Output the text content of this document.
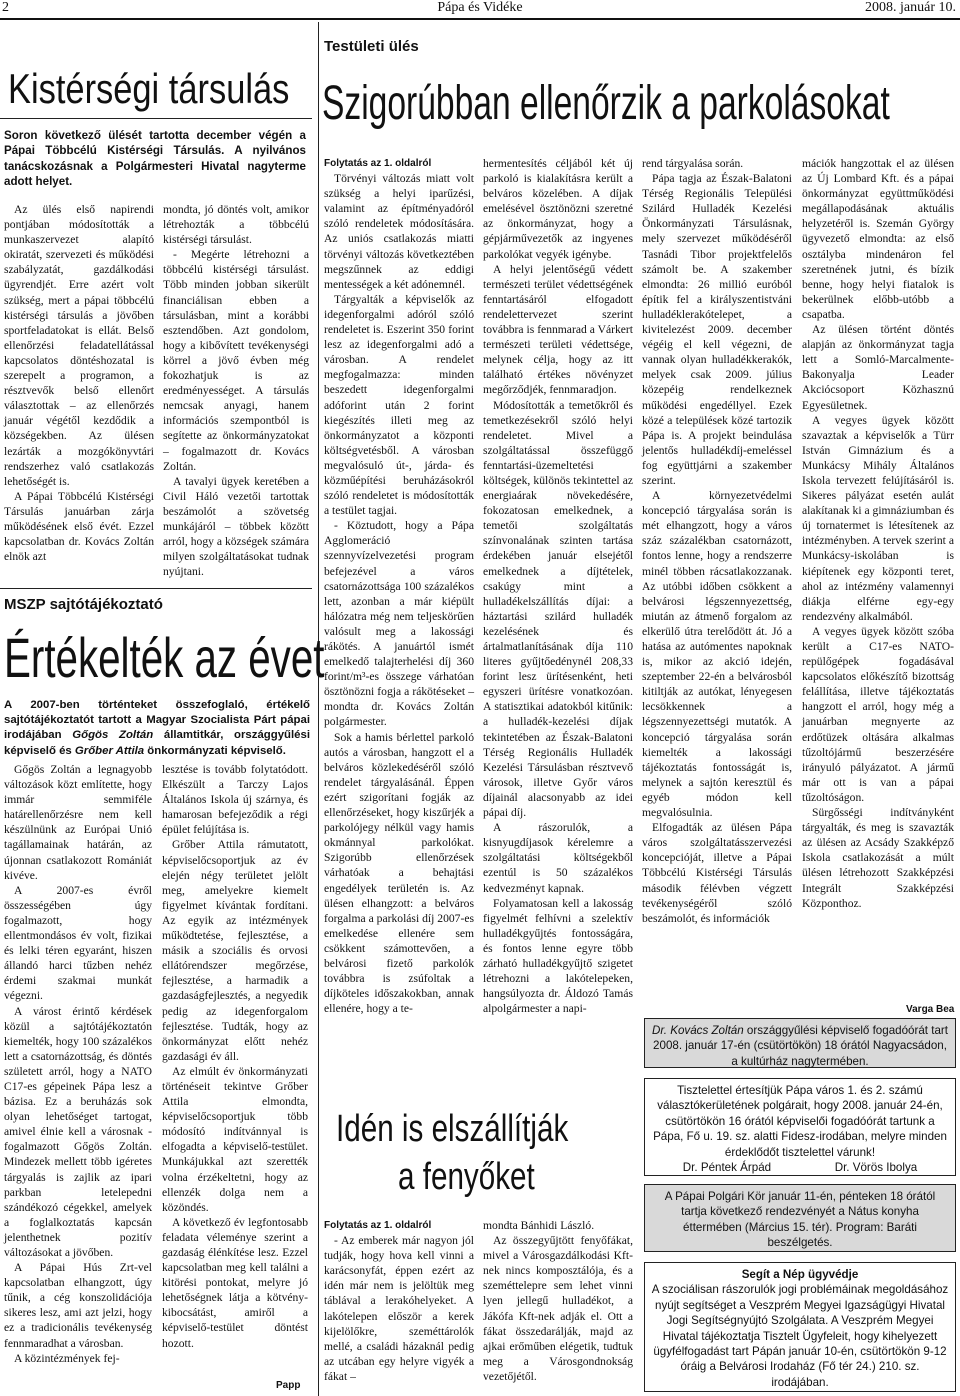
2	Pápa és Vidéke	2008. január 10.
Kistérségi társulás
Soron következő ülését tartotta december végén a Pápai Többcélú Kistérségi Társulás. A nyilvános tanácskozásnak a Polgármesteri Hivatal nagyterme adott helyet.

Az ülés első napirendi pontjában módosították a munkaszervezet alapító okiratát, szervezeti és működési szabályzatát, gazdálkodási ügyrendjét. Erre azért volt szükség, mert a pápai többcélú kistérségi társulás a jövőben sportfeladatokat is ellát. Belső ellenőrzési feladatellátással kapcsolatos döntéshozatal is szerepelt a programon, a résztvevők belső ellenőrt választottak – az ellenőrzés január végétől kezdődik a községekben. Az ülésen lezárták a mozgókönyvtári rendszerhez való csatlakozás lehetőségét is.

A Pápai Többcélú Kistérségi Társulás januárban zárja működésének első évét. Ezzel kapcsolatban dr. Kovács Zoltán elnök azt

mondta, jó döntés volt, amikor létrehozták a többcélú kistérségi társulást.

- Megérte létrehozni a többcélú kistérségi társulást. Több minden jobban sikerült financiálisan ebben a társulásban, mint a korábbi esztendőben. Azt gondolom, hogy a kibővített tevékenységi körrel a jövő évben még fokozhatjuk is az eredményességet. A társulás nemcsak anyagi, hanem információs szempontból is segítette az önkormányzatokat – fogalmazott dr. Kovács Zoltán.

A tavalyi ügyek keretében a Civil Háló vezetői tartottak beszámolót a szövetség munkájáról – többek között arról, hogy a községek számára milyen szolgáltatásokat tudnak nyújtani.

MSZP sajtótájékoztató
Értékelték az évet
A 2007-ben történteket összefoglaló, értékelő sajtótájékoztatót tartott a Magyar Szocialista Párt pápai irodájában Gőgös Zoltán államtitkár, országgyűlési képviselő és Grőber Attila önkormányzati képviselő.

Gőgös Zoltán a legnagyobb változások közt említette, hogy immár semmiféle határellenőrzésre nem kell készülnünk az Európai Unió tagállamainak határán, az újonnan csatlakozott Romániát kivéve.

A 2007-es évről összességében úgy fogalmazott, hogy ellentmondásos év volt, fizikai és lelki téren egyaránt, hiszen állandó harci tűzben nehéz érdemi szakmai munkát végezni.

A várost érintő kérdések közül a sajtótájékoztatón kiemelték, hogy 100 százalékos lett a csatornázottság, és döntés született arról, hogy a NATO C17-es gépeinek Pápa lesz a bázisa. Ez a beruházás sok olyan lehetőséget tartogat, amivel élnie kell a városnak - fogalmazott Gőgös Zoltán. Mindezek mellett több igéretes tárgyalás is zajlik az ipari parkban letelepedni szándékozó cégekkel, amelyek a foglalkoztatás kapcsán jelenthetnek pozitív változásokat a jövőben.

A Pápai Hús Zrt-vel kapcsolatban elhangzott, úgy tűnik, a cég konszolidációja sikeres lesz, ami azt jelzi, hogy ez a tradicionális tevékenység fennmaradhat a városban.

A közintézmények fej-

lesztése is tovább folytatódott. Elkészült a Tarczy Lajos Általános Iskola új szárnya, és hamarosan befejeződik a régi épület felújítása is.

Grőber Attila rámutatott, képviselőcsoportjuk az év elején négy területet jelölt meg, amelyekre kiemelt figyelmet kívántak fordítani. Az egyik az intézmények működtetése, fejlesztése, a másik a szociális és orvosi ellátórendszer megőrzése, fejlesztése, a harmadik a gazdaságfejlesztés, a negyedik pedig az idegenforgalom fejlesztése. Tudták, hogy az önkormányzat előtt nehéz gazdasági év áll.

Az elmúlt év önkormányzati történéseit tekintve Grőber Attila elmondta, képviselőcsoportjuk több módosító indítvánnyal is elfogadta a képviselő-testület. Munkájukkal azt szerették volna érzékeltetni, hogy az ellenzék dolga nem a közöndés.

A következő év legfontosabb feladata véleménye szerint a gazdaság élénkítése lesz. Ezzel kapcsolatban meg kell találni a kitörési pontokat, melyre jó lehetőségnek látja a kötvény-kibocsátást, amiről a képviselő-testület döntést hozott.

Papp
Testületi ülés
Szigorúbban ellenőrzik a parkolásokat

Folytatás az 1. oldalról

Törvényi változás miatt volt szükség a helyi iparűzési, valamint az építményadóról szóló rendeletek módosítására. Az uniós csatlakozás miatti törvényi változás következtében megszűnnek az eddigi mentességek a két adónemnél.

Tárgyalták a képviselők az idegenforgalmi adóról szóló rendeletet is. Eszerint 350 forint lesz az idegenforgalmi adó a városban. A rendelet megfogalmazza: minden beszedett idegenforgalmi adóforint után 2 forint kiegészítés illeti meg az önkormányzatot a központi költségvetésből. A városban megvalósuló út-, járda- és közműépítési beruházásokról szóló rendeletet is módosították a testület tagjai.

- Köztudott, hogy a Pápa Agglomeráció szennyvízelvezetési program befejezével a város csatornázottsága 100 százalékos lett, azonban a már kiépült hálózatra még nem teljeskörűen valósult meg a lakossági rákötés. A januártól ismét emelkedő talajterhelési díj 360 forint/m³-es összege várhatóan ösztönözni fogja a rákötéseket – mondta dr. Kovács Zoltán polgármester.

Sok a hamis bérlettel parkoló autós a városban, hangzott el a belváros közlekedéséről szóló rendelet tárgyalásánál. Éppen ezért szigorítani fogják az ellenőrzéseket, hogy kiszűrjék a parkolójegy nélkül vagy hamis okmánnyal parkolókat. Szigorúbb ellenőrzések várhatóak a behajtási engedélyek területén is. Az ülésen elhangzott: a belváros forgalma a parkolási díj 2007-es emelkedése ellenére sem csökkent számottevően, a belvárosi fizető parkolók továbbra is zsúfoltak a díjköteles időszakokban, annak ellenére, hogy a te-

hermentesítés céljából két új parkoló is kialakításra került a belváros közelében. A díjak emelésével ösztönözni szeretné az önkormányzat, hogy a gépjárművezetők az ingyenes parkolókat vegyék igénybe.

A helyi jelentőségű védett természeti terület védettségének fenntartásáról elfogadott rendelettervezet szerint továbbra is fennmarad a Várkert természeti területi védettsége, melynek célja, hogy az itt található értékes növényzet megőrződjék, fennmaradjon.

Módosították a temetőkről és temetkezésekről szóló helyi rendeletet. Mivel a szolgáltatással összefüggő fenntartási-üzemeltetési költségek, különös tekintettel az energiaárak növekedésére, fokozatosan emelkednek, a temetői szolgáltatás színvonalának szinten tartása érdekében január elsejétől emelkednek a díjtételek, csakúgy mint a hulladékelszállítás díjai: a háztartási szilárd hulladék kezelésének és ártalmatlanításának díja 110 literes gyűjtőedénynél 208,33 forint lesz ürítésenként, heti egyszeri ürítésre vonatkozóan. A statisztikai adatokból kitűnik: a hulladék-kezelési díjak tekintetében az Észak-Balatoni Térség Regionális Hulladék Kezelési Társulásban résztvevő városok, illetve Győr város díjainál alacsonyabb az idei pápai díj.

A rászorulók, a kisnyugdíjasok kérelemre a szolgáltatási költségekből ezentúl is 50 százalékos kedvezményt kapnak.

Folyamatosan kell a lakosság figyelmét felhívni a szelektív hulladékgyűjtés fontosságára, és fontos lenne egyre több zárható hulladékgyűjtő szigetet létrehozni a lakótelepeken, hangsúlyozta dr. Áldozó Tamás alpolgármester a napi-

rend tárgyalása során.

Pápa tagja az Észak-Balatoni Térség Regionális Települési Szilárd Hulladék Kezelési Önkormányzati Társulásnak, mely szervezet működéséről Tasnádi Tibor projektfelelős számolt be. A szakember elmondta: 26 millió euróból építik fel a királyszentistváni hulladéklerakótelepet, a kivitelezést 2009. december végéig el kell végezni, de vannak olyan hulladékkerakók, melyek csak 2009. július közepéig rendelkeznek működési engedéllyel. Ezek közé a települések közé tartozik Pápa is. A projekt beindulása jelentős hulladékdíj-emeléssel fog együttjárni a szakember szerint.

A környezetvédelmi koncepció tárgyalása során is mét elhangzott, hogy a város száz százalékban csatornázott, fontos lenne, hogy a rendszerre minél többen rácsatlakozzanak. Az utóbbi időben csökkent a belvárosi légszennyezettség, miután az átmenő forgalom az elkerülő útra terelődött át. Jó a hatása az autómentes napoknak is, mikor az akció idején, szeptember 22-én a belvárosból kitiltják az autókat, lényegesen lecsökkennek a légszennyezettségi mutatók. A koncepció tárgyalása során kiemelték a lakossági tájékoztatás fontosságát is, melynek a sajtón keresztül és egyéb módon kell megvalósulnia.

Elfogadták az ülésen Pápa város szolgáltatásszervezési koncepcióját, illetve a Pápai Többcélú Kistérségi Társulás második félévben végzett tevékenységéről szóló beszámolót, és információk

mációk hangzottak el az ülésen az Új Lombard Kft. és a pápai önkormányzat együttműködési megállapodásának aktuális helyzetéről is. Szemán György ügyvezető elmondta: az első osztályba mindenáron fel szeretnének jutni, és bízik benne, hogy helyi fiatalok is bekerülnek előbb-utóbb a csapatba.

Az ülésen történt döntés alapján az önkormányzat tagja lett a Somló-Marcalmente-Bakonyalja Leader Akciócsoport Közhasznú Egyesületnek.

A vegyes ügyek között szavaztak a képviselők a Türr István Gimnázium és a Munkácsy Mihály Általános Iskola tervezett felújításáról is. Sikeres pályázat esetén aulát alakítanak ki a gimnáziumban és új tornatermet is létesítenek az intézményben. A tervek szerint a Munkácsy-iskolában is kiépítenek egy központi teret, ahol az intézmény valamennyi diákja elférne egy-egy rendezvény alkalmából.

A vegyes ügyek között szóba került a C17-es NATO-repülőgépek fogadásával kapcsolatos előkészítő bizottság felállítása, illetve tájékoztatás hangzott el arról, hogy még a januárban megnyerte az erdőtüzek oltására alkalmas tűzoltójármű beszerzésére irányuló pályázatot. A jármű már ott is van a pápai tűzoltóságon.

Sürgősségi indítványként tárgyalták, és meg is szavazták az ülésen az Acsády Szakképző Iskola csatlakozását a múlt ülésen létrehozott Szakképzési Integrált Szakképzési Központhoz.

Varga Bea
Idén is elszállítják
a fenyőket

Folytatás az 1. oldalról

- Az emberek már nagyon jól tudják, hogy hova kell vinni a karácsonyfát, éppen ezért az idén már nem is jelöltük meg táblával a lerakóhelyeket. A lakótelepen először a kerek kijelölőkre, szeméttárolók mellé, a családi házaknál pedig az utcában egy helyre vigyék a fákat –

mondta Bánhidi László.

Az összegyűjtött fenyőfákat, mivel a Városgazdálkodási Kft-nek nincs komposztálója, és a szeméttelepre sem lehet vinni lyen jellegű hulladékot, a Jákófa Kft-nek adják el. Ott a fákat összedarálják, majd az ajkai erőműben elégetik, tudtuk meg a Városgondnokság vezetőjétől.

Dr. Kovács Zoltán országgyűlési képviselő fogadóórát tart 2008. január 17-én (csütörtökön) 18 órától Nagyacsádon, a kultúrház nagytermében.
Tisztelettel értesítjük Pápa város 1. és 2. számú választókerületének polgárait, hogy 2008. január 24-én, csütörtökön 16 órától képviselői fogadóórát tartunk a Pápa, Fő u. 19. sz. alatti Fidesz-irodában, melyre minden érdeklődőt tisztelettel várunk!
Dr. Péntek Árpád	Dr. Vörös Ibolya
A Pápai Polgári Kör január 11-én, pénteken 18 órától tartja következő rendezvényét a Nátus konyha éttermében (Március 15. tér). Program: Baráti beszélgetés.
Segít a Nép ügyvédje
A szociálisan rászorulók jogi problémáinak megoldásához nyújt segítséget a Veszprém Megyei Igazságügyi Hivatal Jogi Segítségnyújtó Szolgálata. A Veszprém Megyei Hivatal tájékoztatja Tisztelt Ügyfeleit, hogy kihelyezett ügyfélfogadást tart Pápán január 10-én, csütörtökön 9-12 óráig a Belvárosi Irodaház (Fő tér 24.) 210. sz. irodájában.
